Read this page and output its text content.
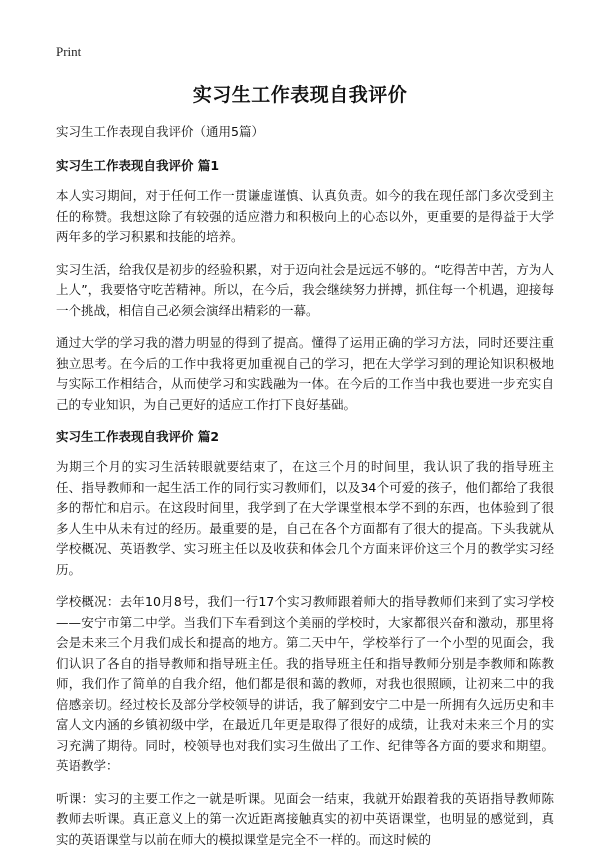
Print
实习生工作表现自我评价

实习生工作表现自我评价（通用5篇）

实习生工作表现自我评价 篇1

本人实习期间，对于任何工作一贯谦虚谨慎、认真负责。如今的我在现任部门多次受到主任的称赞。我想这除了有较强的适应潜力和积极向上的心态以外，更重要的是得益于大学两年多的学习积累和技能的培养。

实习生活，给我仅是初步的经验积累，对于迈向社会是远远不够的。“吃得苦中苦，方为人上人”，我要恪守吃苦精神。所以，在今后，我会继续努力拼搏，抓住每一个机遇，迎接每一个挑战，相信自己必须会演绎出精彩的一幕。

通过大学的学习我的潜力明显的得到了提高。懂得了运用正确的学习方法，同时还要注重独立思考。在今后的工作中我将更加重视自己的学习，把在大学学习到的理论知识积极地与实际工作相结合，从而使学习和实践融为一体。在今后的工作当中我也要进一步充实自己的专业知识，为自己更好的适应工作打下良好基础。

实习生工作表现自我评价 篇2

为期三个月的实习生活转眼就要结束了，在这三个月的时间里，我认识了我的指导班主任、指导教师和一起生活工作的同行实习教师们，以及34个可爱的孩子，他们都给了我很多的帮忙和启示。在这段时间里，我学到了在大学课堂根本学不到的东西，也体验到了很多人生中从未有过的经历。最重要的是，自己在各个方面都有了很大的提高。下头我就从学校概况、英语教学、实习班主任以及收获和体会几个方面来评价这三个月的教学实习经历。

学校概况：去年10月8号，我们一行17个实习教师跟着师大的指导教师们来到了实习学校——安宁市第二中学。当我们下车看到这个美丽的学校时，大家都很兴奋和激动，那里将会是未来三个月我们成长和提高的地方。第二天中午，学校举行了一个小型的见面会，我们认识了各自的指导教师和指导班主任。我的指导班主任和指导教师分别是李教师和陈教师，我们作了简单的自我介绍，他们都是很和蔼的教师，对我也很照顾，让初来二中的我倍感亲切。经过校长及部分学校领导的讲话，我了解到安宁二中是一所拥有久远历史和丰富人文内涵的乡镇初级中学，在最近几年更是取得了很好的成绩，让我对未来三个月的实习充满了期待。同时，校领导也对我们实习生做出了工作、纪律等各方面的要求和期望。英语教学：

听课：实习的主要工作之一就是听课。见面会一结束，我就开始跟着我的英语指导教师陈教师去听课。真正意义上的第一次近距离接触真实的初中英语课堂，也明显的感觉到，真实的英语课堂与以前在师大的模拟课堂是完全不一样的。而这时候的
